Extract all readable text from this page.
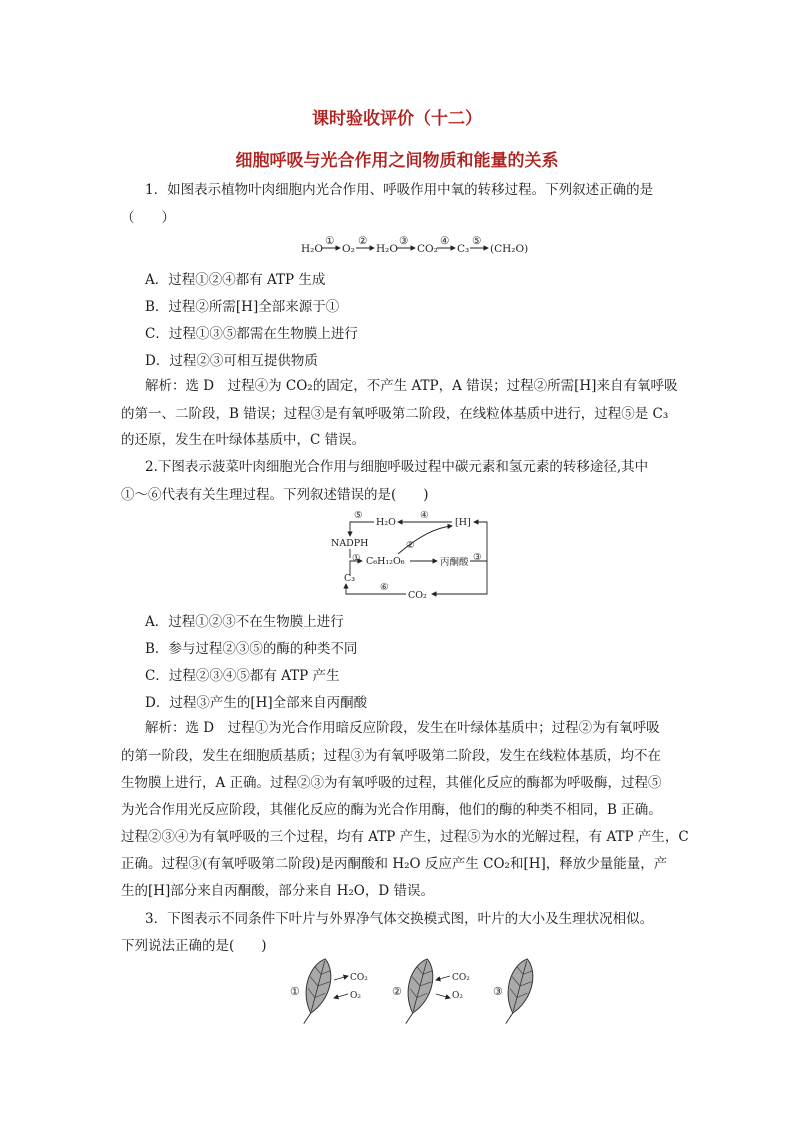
课时验收评价（十二）
细胞呼吸与光合作用之间物质和能量的关系
1．如图表示植物叶肉细胞内光合作用、呼吸作用中氧的转移过程。下列叙述正确的是
（　　）
H₂O
①
O₂
②
H₂O
③
CO₂
④
C₃
⑤
(CH₂O)
A．过程①②④都有 ATP 生成
B．过程②所需[H]全部来源于①
C．过程①③⑤都需在生物膜上进行
D．过程②③可相互提供物质
解析：选 D　过程④为 CO₂的固定，不产生 ATP，A 错误；过程②所需[H]来自有氧呼吸
的第一、二阶段，B 错误；过程③是有氧呼吸第二阶段，在线粒体基质中进行，过程⑤是 C₃
的还原，发生在叶绿体基质中，C 错误。
2.下图表示菠菜叶肉细胞光合作用与细胞呼吸过程中碳元素和氢元素的转移途径,其中
①～⑥代表有关生理过程。下列叙述错误的是(　　)
H₂O	[H]
④
⑤
NADPH
① C₆H₁₂O₆
②
丙酮酸 ③
C₃
⑥
CO₂
A．过程①②③不在生物膜上进行
B．参与过程②③⑤的酶的种类不同
C．过程②③④⑤都有 ATP 产生
D．过程③产生的[H]全部来自丙酮酸
解析：选 D　过程①为光合作用暗反应阶段，发生在叶绿体基质中；过程②为有氧呼吸
的第一阶段，发生在细胞质基质；过程③为有氧呼吸第二阶段，发生在线粒体基质，均不在
生物膜上进行，A 正确。过程②③为有氧呼吸的过程，其催化反应的酶都为呼吸酶，过程⑤
为光合作用光反应阶段，其催化反应的酶为光合作用酶，他们的酶的种类不相同，B 正确。
过程②③④为有氧呼吸的三个过程，均有 ATP 产生，过程⑤为水的光解过程，有 ATP 产生，C
正确。过程③(有氧呼吸第二阶段)是丙酮酸和 H₂O 反应产生 CO₂和[H]，释放少量能量，产
生的[H]部分来自丙酮酸，部分来自 H₂O，D 错误。
3．下图表示不同条件下叶片与外界净气体交换模式图，叶片的大小及生理状况相似。
下列说法正确的是(　　)
①
CO₂
O₂	②
CO₂
O₂	③
